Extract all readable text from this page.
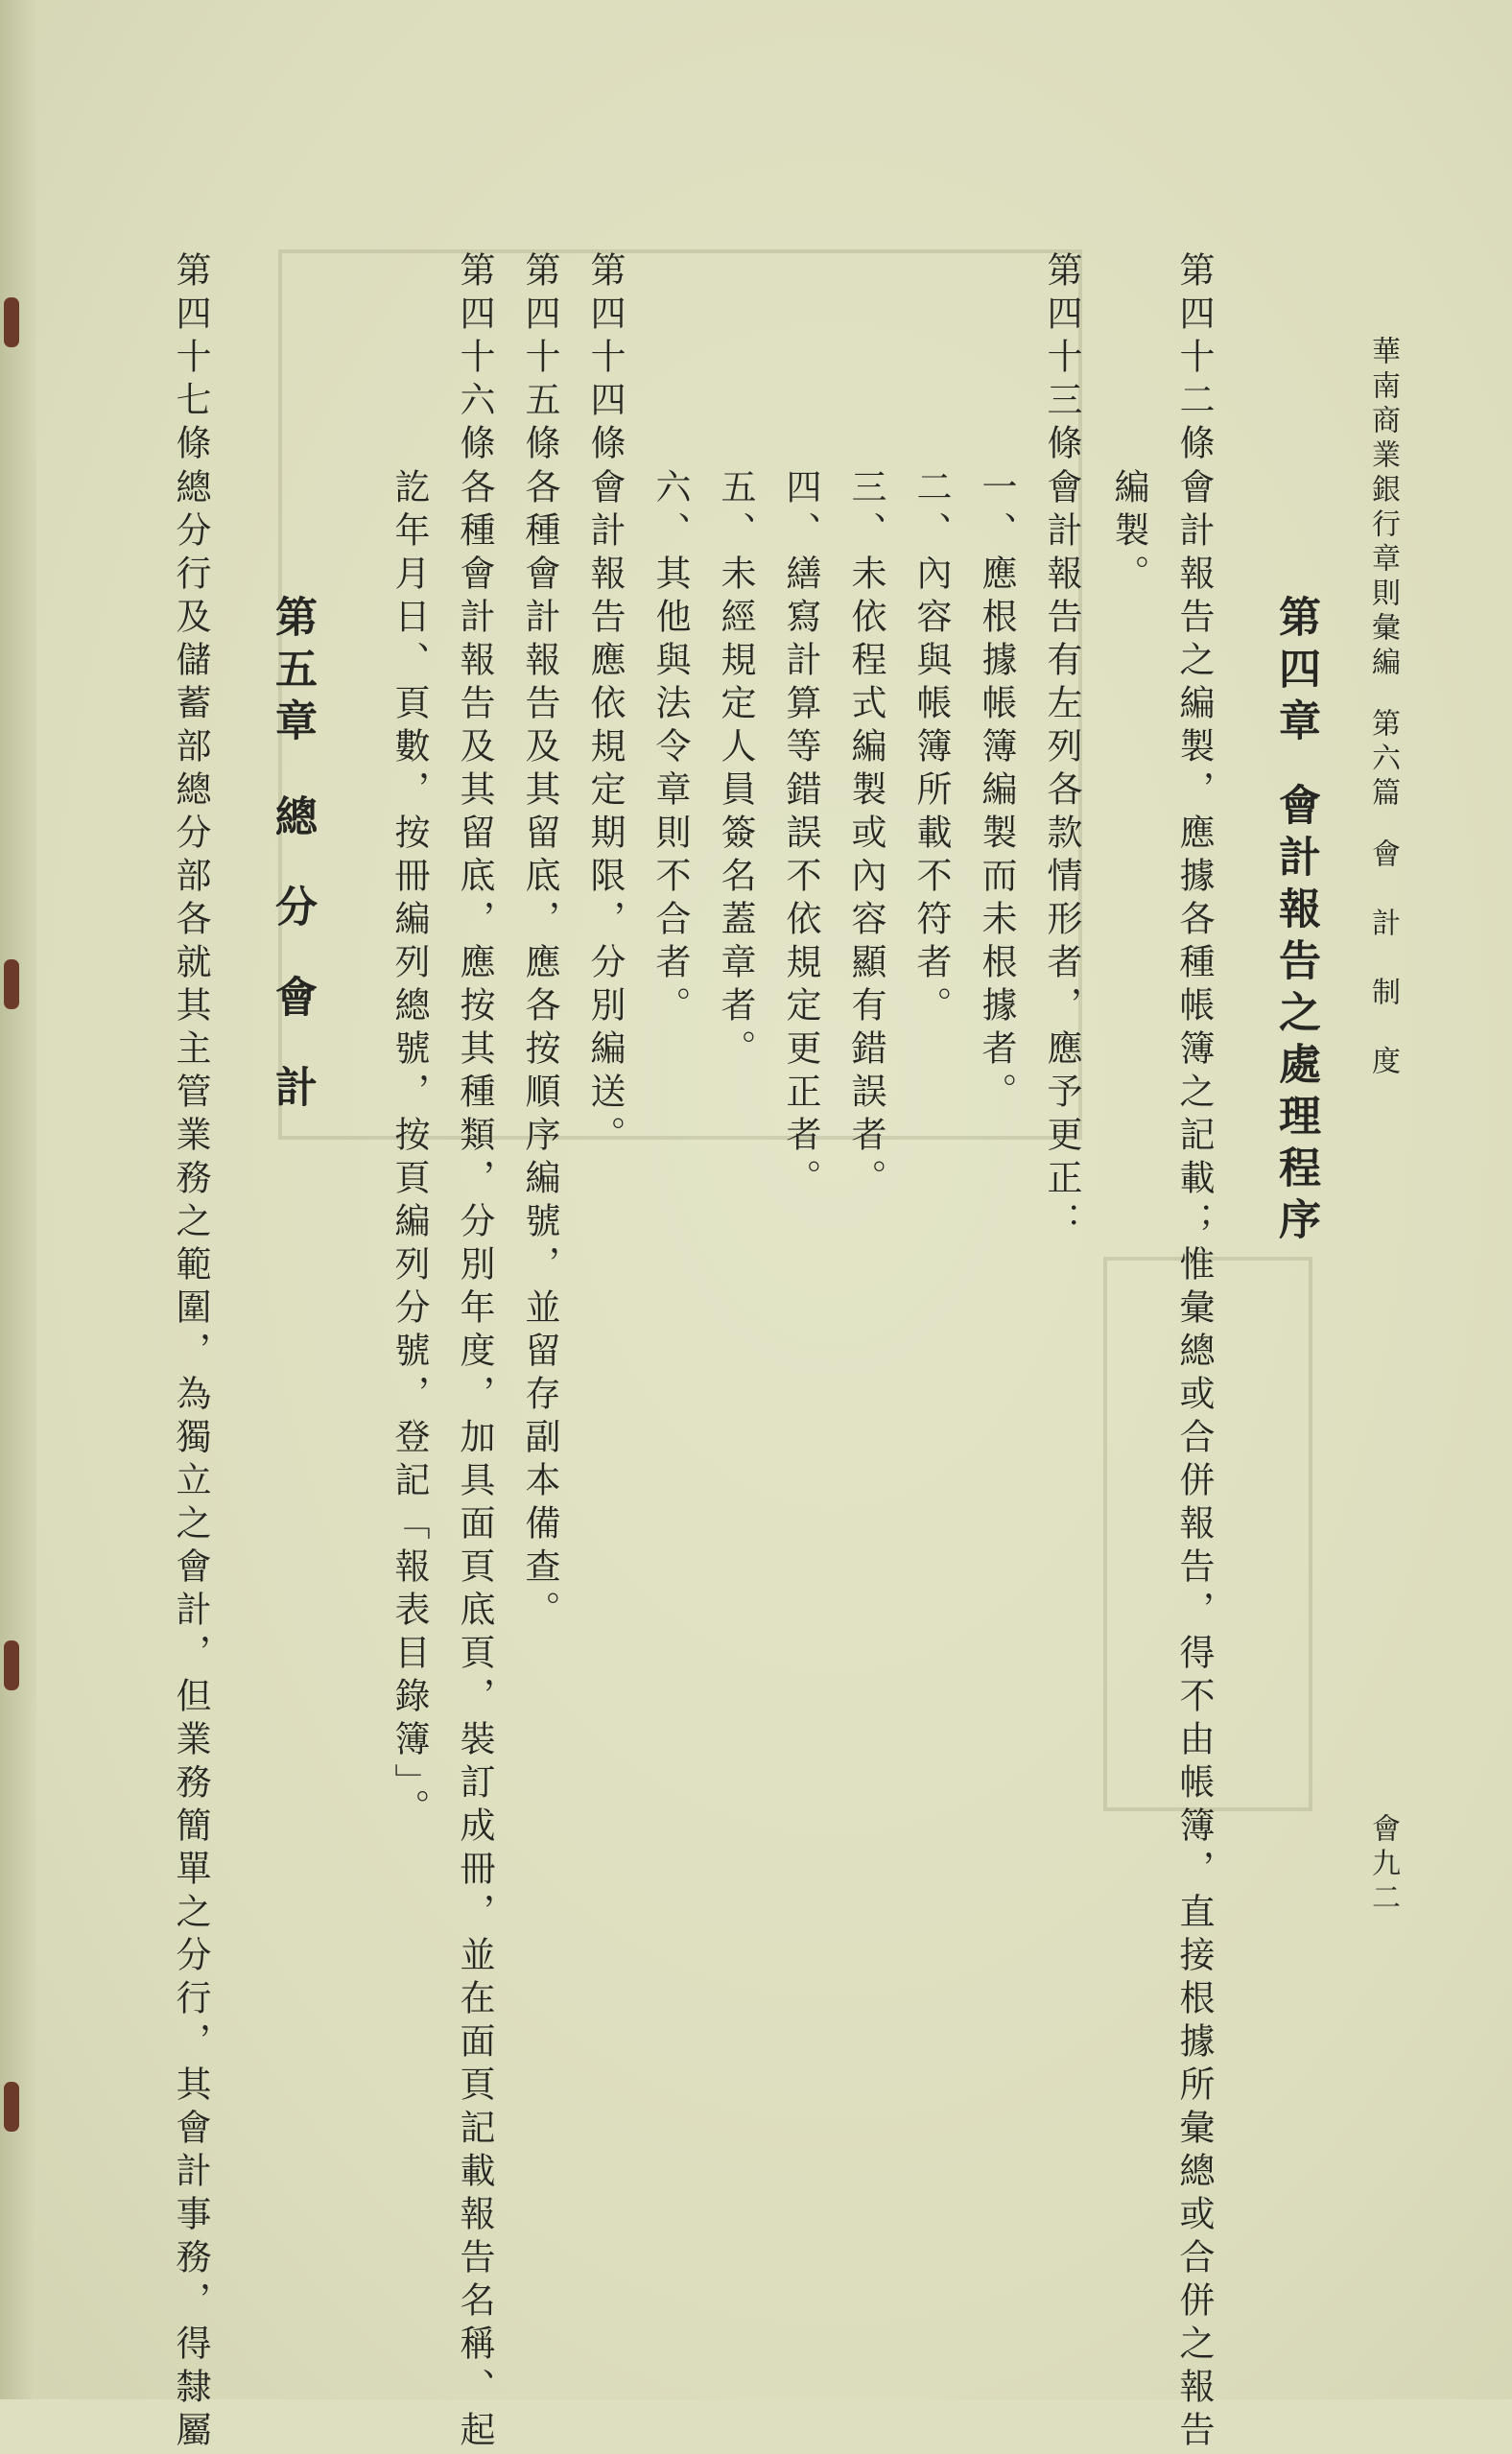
華南商業銀行章則彙編第六篇會　計　制　度
會九二
第四章會計報告之處理程序
第四十二條
會計報告之編製，應據各種帳簿之記載；惟彙總或合併報告，得不由帳簿，直接根據所彙總或合併之報告
編製。
第四十三條
會計報告有左列各款情形者，應予更正：
一、應根據帳簿編製而未根據者。
二、內容與帳簿所載不符者。
三、未依程式編製或內容顯有錯誤者。
四、繕寫計算等錯誤不依規定更正者。
五、未經規定人員簽名蓋章者。
六、其他與法令章則不合者。
第四十四條
會計報告應依規定期限，分別編送。
第四十五條
各種會計報告及其留底，應各按順序編號，並留存副本備查。
第四十六條
各種會計報告及其留底，應按其種類，分別年度，加具面頁底頁，裝訂成冊，並在面頁記載報告名稱、起
訖年月日、頁數，按冊編列總號，按頁編列分號，登記「報表目錄簿」。
第五章總分會計
第四十七條
總分行及儲蓄部總分部各就其主管業務之範圍，為獨立之會計，但業務簡單之分行，其會計事務，得隸屬
